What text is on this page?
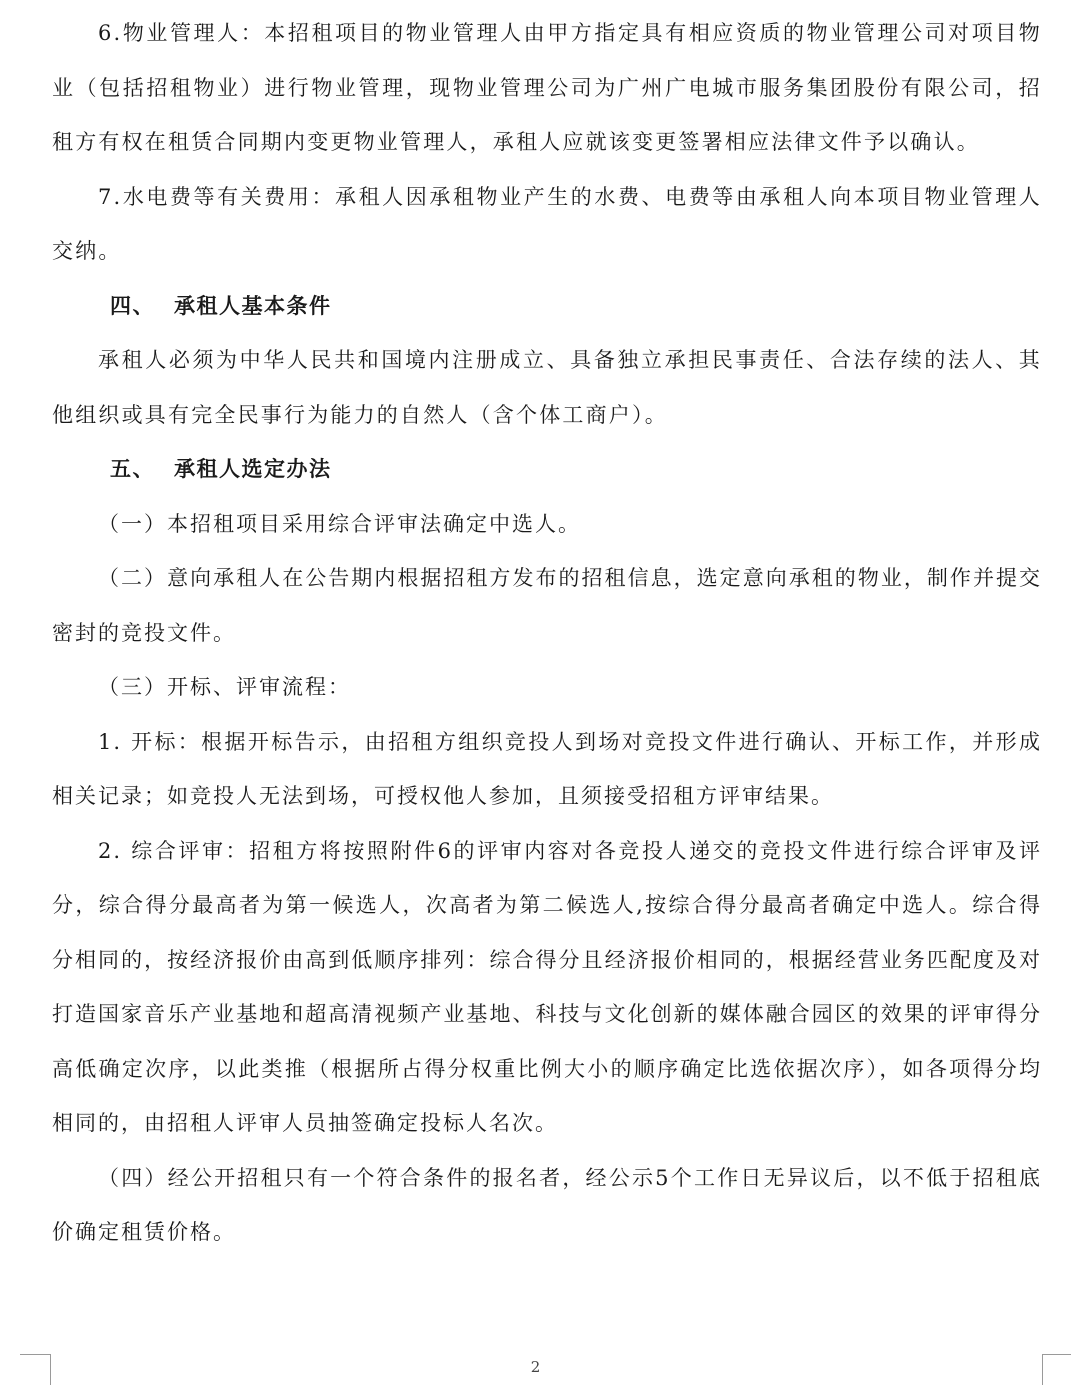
6.物业管理人：本招租项目的物业管理人由甲方指定具有相应资质的物业管理公司对项目物业（包括招租物业）进行物业管理，现物业管理公司为广州广电城市服务集团股份有限公司，招租方有权在租赁合同期内变更物业管理人，承租人应就该变更签署相应法律文件予以确认。

7.水电费等有关费用：承租人因承租物业产生的水费、电费等由承租人向本项目物业管理人交纳。

四、 承租人基本条件

承租人必须为中华人民共和国境内注册成立、具备独立承担民事责任、合法存续的法人、其他组织或具有完全民事行为能力的自然人（含个体工商户）。

五、 承租人选定办法

（一）本招租项目采用综合评审法确定中选人。

（二）意向承租人在公告期内根据招租方发布的招租信息，选定意向承租的物业，制作并提交密封的竞投文件。

（三）开标、评审流程：

1. 开标：根据开标告示，由招租方组织竞投人到场对竞投文件进行确认、开标工作，并形成相关记录；如竞投人无法到场，可授权他人参加，且须接受招租方评审结果。

2. 综合评审：招租方将按照附件6的评审内容对各竞投人递交的竞投文件进行综合评审及评分，综合得分最高者为第一候选人，次高者为第二候选人,按综合得分最高者确定中选人。综合得分相同的，按经济报价由高到低顺序排列：综合得分且经济报价相同的，根据经营业务匹配度及对打造国家音乐产业基地和超高清视频产业基地、科技与文化创新的媒体融合园区的效果的评审得分高低确定次序，以此类推（根据所占得分权重比例大小的顺序确定比选依据次序），如各项得分均相同的，由招租人评审人员抽签确定投标人名次。

（四）经公开招租只有一个符合条件的报名者，经公示5个工作日无异议后，以不低于招租底价确定租赁价格。

2
